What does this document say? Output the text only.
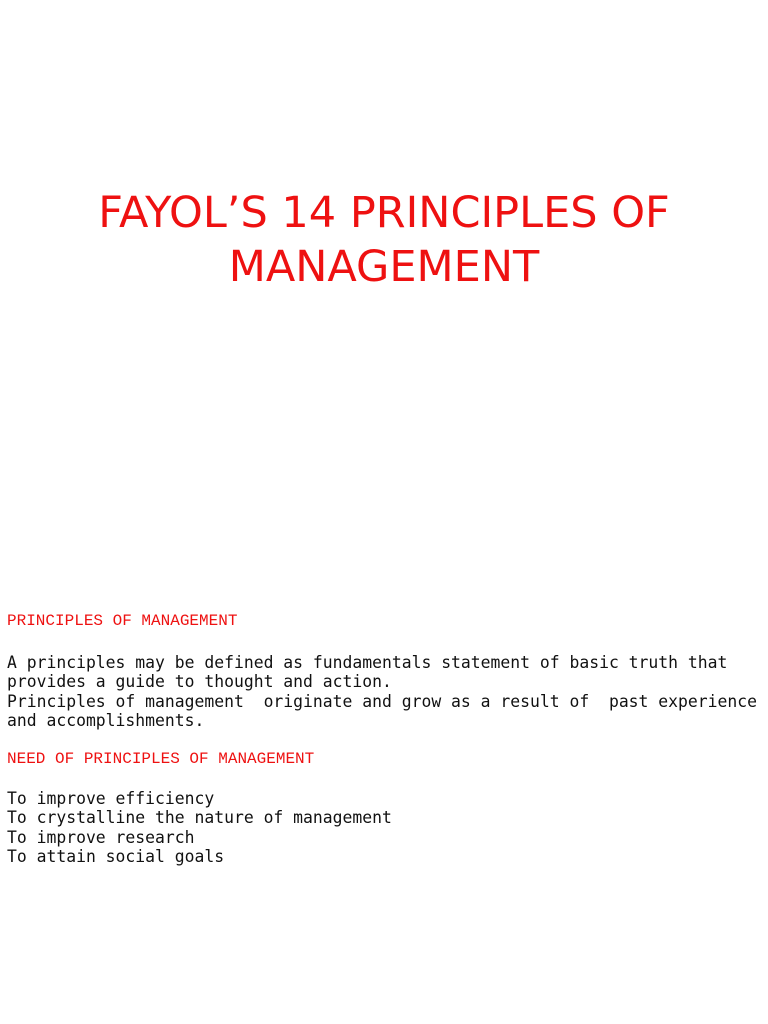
FAYOL’S 14 PRINCIPLES OF
MANAGEMENT
PRINCIPLES OF MANAGEMENT
A principles may be defined as fundamentals statement of basic truth that
provides a guide to thought and action.
Principles of management  originate and grow as a result of  past experience
and accomplishments.
NEED OF PRINCIPLES OF MANAGEMENT
To improve efficiency
To crystalline the nature of management
To improve research
To attain social goals
